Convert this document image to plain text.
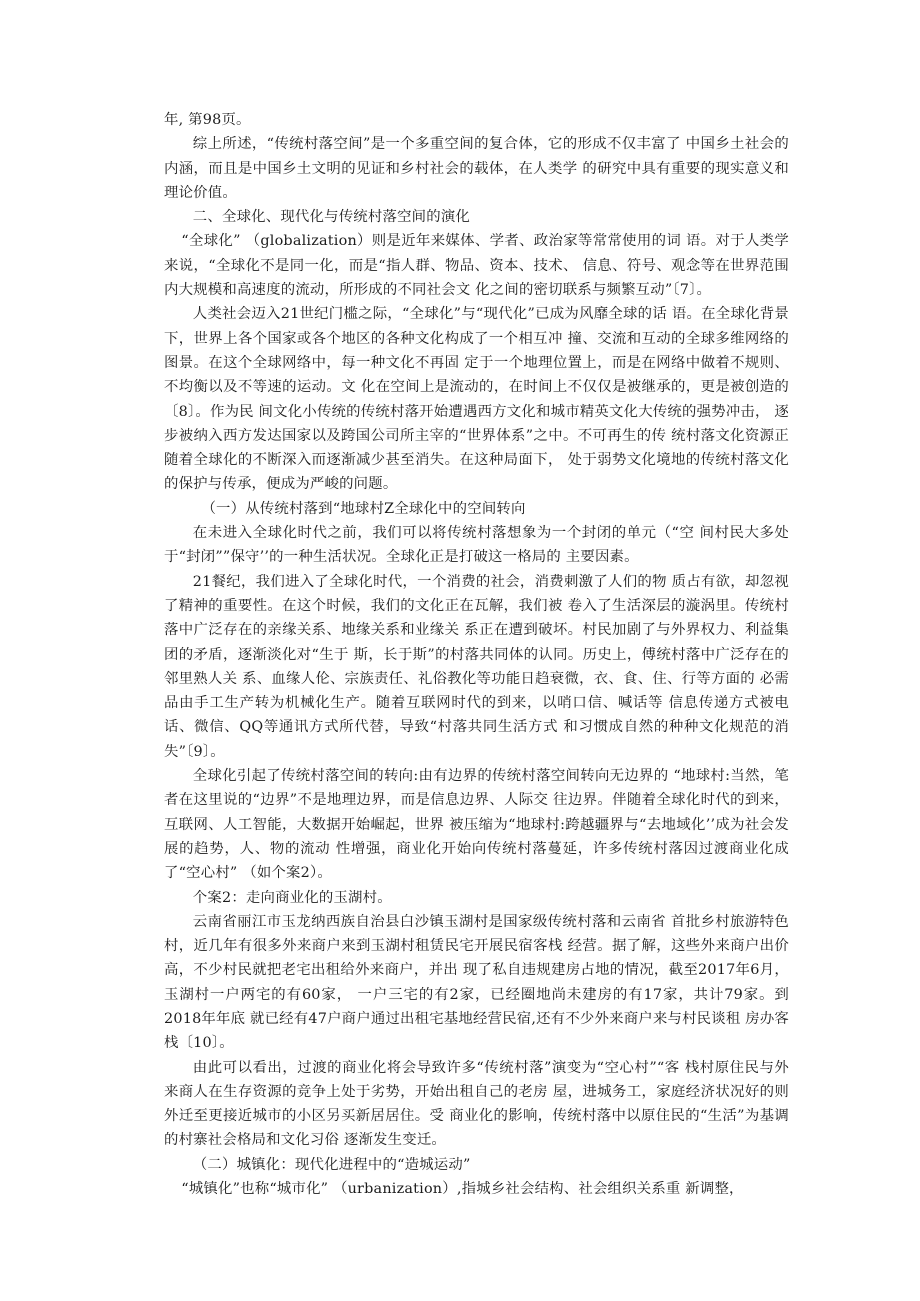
年, 第98页。

综上所述，“传统村落空间”是一个多重空间的复合体，它的形成不仅丰富了 中国乡土社会的内涵，而且是中国乡土文明的见证和乡村社会的载体，在人类学 的研究中具有重要的现实意义和理论价值。

二、全球化、现代化与传统村落空间的演化

“全球化” （globalization）则是近年来媒体、学者、政治家等常常使用的词 语。对于人类学来说，“全球化不是同一化，而是“指人群、物品、资本、技术、 信息、符号、观念等在世界范围内大规模和高速度的流动，所形成的不同社会文 化之间的密切联系与频繁互动”〔7〕。

人类社会迈入21世纪门槛之际，“全球化”与“现代化”已成为风靡全球的话 语。在全球化背景下，世界上各个国家或各个地区的各种文化构成了一个相互冲 撞、交流和互动的全球多维网络的图景。在这个全球网络中，每一种文化不再固 定于一个地理位置上，而是在网络中做着不规则、不均衡以及不等速的运动。文 化在空间上是流动的，在时间上不仅仅是被继承的，更是被创造的〔8〕。作为民 间文化小传统的传统村落开始遭遇西方文化和城市精英文化大传统的强势冲击， 逐步被纳入西方发达国家以及跨国公司所主宰的“世界体系”之中。不可再生的传 统村落文化资源正随着全球化的不断深入而逐渐减少甚至消失。在这种局面下， 处于弱势文化境地的传统村落文化的保护与传承，便成为严峻的问题。

（一）从传统村落到“地球村Z全球化中的空间转向

在未进入全球化时代之前，我们可以将传统村落想象为一个封闭的单元（“空 间村民大多处于“封闭””保守’’的一种生活状况。全球化正是打破这一格局的 主要因素。

21餐纪，我们进入了全球化时代，一个消费的社会，消费刺激了人们的物 质占有欲，却忽视了精神的重要性。在这个时候，我们的文化正在瓦解，我们被 卷入了生活深层的漩涡里。传统村落中广泛存在的亲缘关系、地缘关系和业缘关 系正在遭到破坏。村民加剧了与外界权力、利益集团的矛盾，逐渐淡化对“生于 斯，长于斯”的村落共同体的认同。历史上，傅统村落中广泛存在的邻里熟人关 系、血缘人伦、宗族责任、礼俗教化等功能日趋衰微，衣、食、住、行等方面的 必需品由手工生产转为机械化生产。随着互联网时代的到来，以哨口信、喊话等 信息传递方式被电话、微信、QQ等通讯方式所代替，导致“村落共同生活方式 和习惯成自然的种种文化规范的消失”〔9〕。

全球化引起了传统村落空间的转向:由有边界的传统村落空间转向无边界的 “地球村:当然，笔者在这里说的“边界”不是地理边界，而是信息边界、人际交 往边界。伴随着全球化时代的到来，互联网、人工智能，大数据开始崛起，世界 被压缩为“地球村:跨越疆界与“去地域化’’成为社会发展的趋势，人、物的流动 性增强，商业化开始向传统村落蔓延，许多传统村落因过渡商业化成了“空心村” （如个案2）。

个案2：走向商业化的玉湖村。

云南省丽江市玉龙纳西族自治县白沙镇玉湖村是国家级传统村落和云南省 首批乡村旅游特色村，近几年有很多外来商户来到玉湖村租赁民宅开展民宿客栈 经营。据了解，这些外来商户出价高，不少村民就把老宅出租给外来商户，并出 现了私自违规建房占地的情况，截至2017年6月，玉湖村一户两宅的有60家， 一户三宅的有2家，已经圈地尚未建房的有17家，共计79家。到2018年年底 就已经有47户商户通过出租宅基地经营民宿,还有不少外来商户来与村民谈租 房办客栈〔10〕。

由此可以看出，过渡的商业化将会导致许多“传统村落”演变为“空心村”“客 栈村原住民与外来商人在生存资源的竞争上处于劣势，开始出租自己的老房 屋，进城务工，家庭经济状况好的则外迁至更接近城市的小区另买新居居住。受 商业化的影响，传统村落中以原住民的“生活”为基调的村寨社会格局和文化习俗 逐渐发生变迁。

（二）城镇化：现代化进程中的“造城运动”

“城镇化”也称“城市化” （urbanization）,指城乡社会结构、社会组织关系重 新调整，
